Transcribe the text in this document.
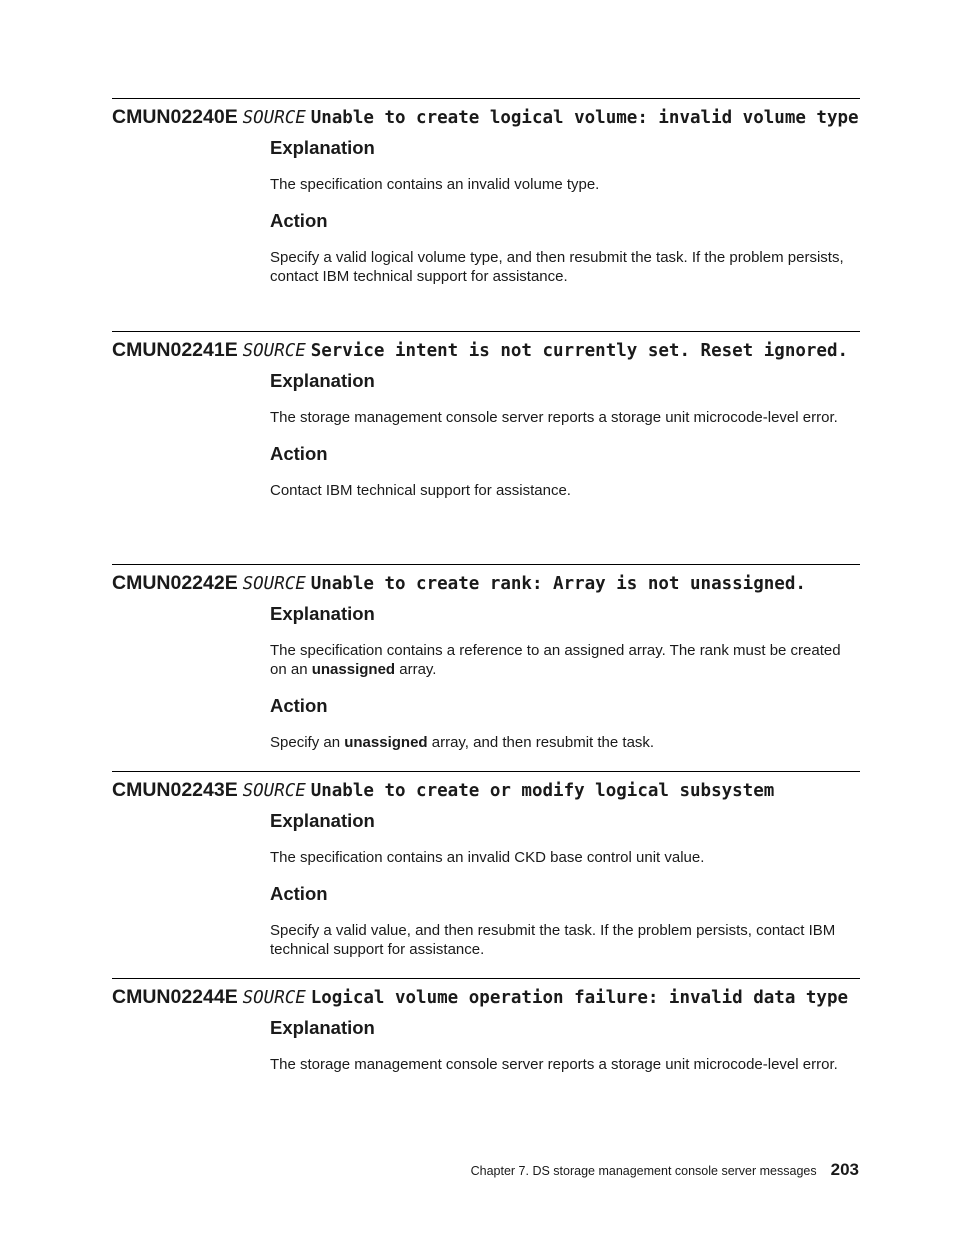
CMUN02240E SOURCE Unable to create logical volume: invalid volume type

Explanation

The specification contains an invalid volume type.

Action

Specify a valid logical volume type, and then resubmit the task. If the problem persists, contact IBM technical support for assistance.

CMUN02241E SOURCE Service intent is not currently set. Reset ignored.

Explanation

The storage management console server reports a storage unit microcode-level error.

Action

Contact IBM technical support for assistance.

CMUN02242E SOURCE Unable to create rank: Array is not unassigned.

Explanation

The specification contains a reference to an assigned array. The rank must be created on an unassigned array.

Action

Specify an unassigned array, and then resubmit the task.

CMUN02243E SOURCE Unable to create or modify logical subsystem

Explanation

The specification contains an invalid CKD base control unit value.

Action

Specify a valid value, and then resubmit the task. If the problem persists, contact IBM technical support for assistance.

CMUN02244E SOURCE Logical volume operation failure: invalid data type

Explanation

The storage management console server reports a storage unit microcode-level error.

Chapter 7. DS storage management console server messages 203
